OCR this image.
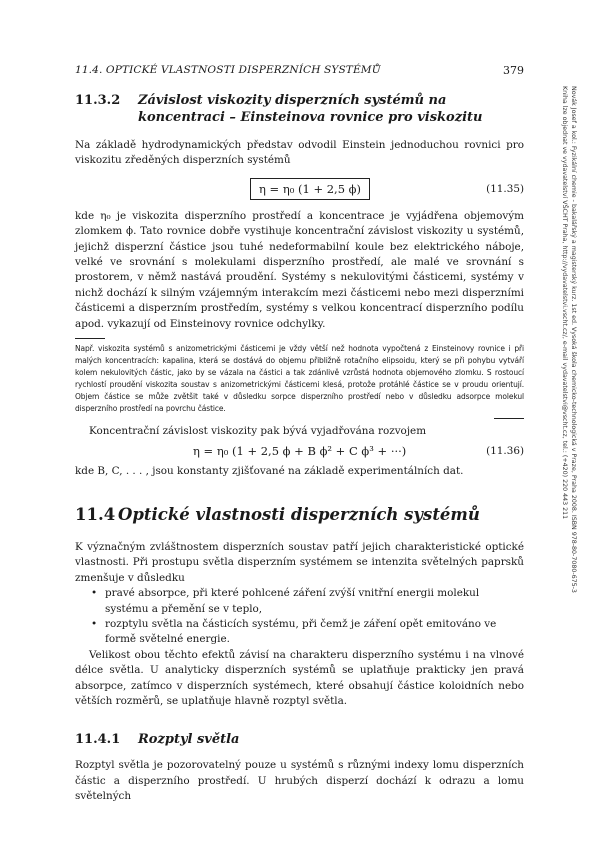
11.4. OPTICKÉ VLASTNOSTI DISPERZNÍCH SYSTÉMŮ	379
Novák Josef a kol.: Fyzikální chemie - bakalářský a magisterský kurz. 1st ed. Vysoká škola chemicko-technologická v Praze, Praha 2008. ISBN 978-80-7080-675-3
Kniha lze objednat ve vydavatelství VŠCHT Praha, http://vydavatelstvi.vscht.cz/, e-mail vydavatelstvi@vscht.cz, tel.: (+420) 220 443 211
11.3.2	Závislost viskozity disperzních systémů na
koncentraci – Einsteinova rovnice pro viskozitu

Na základě hydrodynamických představ odvodil Einstein jednoduchou rovnici pro viskozitu zředěných disperzních systémů

η = η₀ (1 + 2,5 ϕ)	(11.35)

kde η₀ je viskozita disperzního prostředí a koncentrace je vyjádřena objemovým zlomkem ϕ. Tato rovnice dobře vystihuje koncentrační závislost viskozity u systémů, jejichž disperzní částice jsou tuhé nedeformabilní koule bez elektrického náboje, velké ve srovnání s molekulami disperzního prostředí, ale malé ve srovnání s prostorem, v němž nastává proudění. Systémy s nekulovitými částicemi, systémy v nichž dochází k silným vzájemným interakcím mezi částicemi nebo mezi disperzními částicemi a disperzním prostředím, systémy s velkou koncentrací disperzního podílu apod. vykazují od Einsteinovy rovnice odchylky.

Např. viskozita systémů s anizometrickými částicemi je vždy větší než hodnota vypočtená z Einsteinovy rovnice i při malých koncentracích: kapalina, která se dostává do objemu přibližně rotačního elipsoidu, který se při pohybu vytváří kolem nekulovitých částic, jako by se vázala na částici a tak zdánlivě vzrůstá hodnota objemového zlomku. S rostoucí rychlostí proudění viskozita soustav s anizometrickými částicemi klesá, protože protáhlé částice se v proudu orientují. Objem částice se může zvětšit také v důsledku sorpce disperzního prostředí nebo v důsledku adsorpce molekul disperzního prostředí na povrchu částice.

Koncentrační závislost viskozity pak bývá vyjadřována rozvojem

η = η₀ (1 + 2,5 ϕ + B ϕ² + C ϕ³ + ···)	(11.36)

kde B, C, . . . , jsou konstanty zjišťované na základě experimentálních dat.

11.4 Optické vlastnosti disperzních systémů

K význačným zvláštnostem disperzních soustav patří jejich charakteristické optické vlastnosti. Při prostupu světla disperzním systémem se intenzita světelných paprsků zmenšuje v důsledku

• pravé absorpce, při které pohlcené záření zvýší vnitřní energii molekul systému a přemění se v teplo,
• rozptylu světla na částicích systému, při čemž je záření opět emitováno ve formě světelné energie.

Velikost obou těchto efektů závisí na charakteru disperzního systému i na vlnové délce světla. U analyticky disperzních systémů se uplatňuje prakticky jen pravá absorpce, zatímco v disperzních systémech, které obsahují částice koloidních nebo větších rozměrů, se uplatňuje hlavně rozptyl světla.

11.4.1	Rozptyl světla

Rozptyl světla je pozorovatelný pouze u systémů s různými indexy lomu disperzních částic a disperzního prostředí. U hrubých disperzí dochází k odrazu a lomu světelných
